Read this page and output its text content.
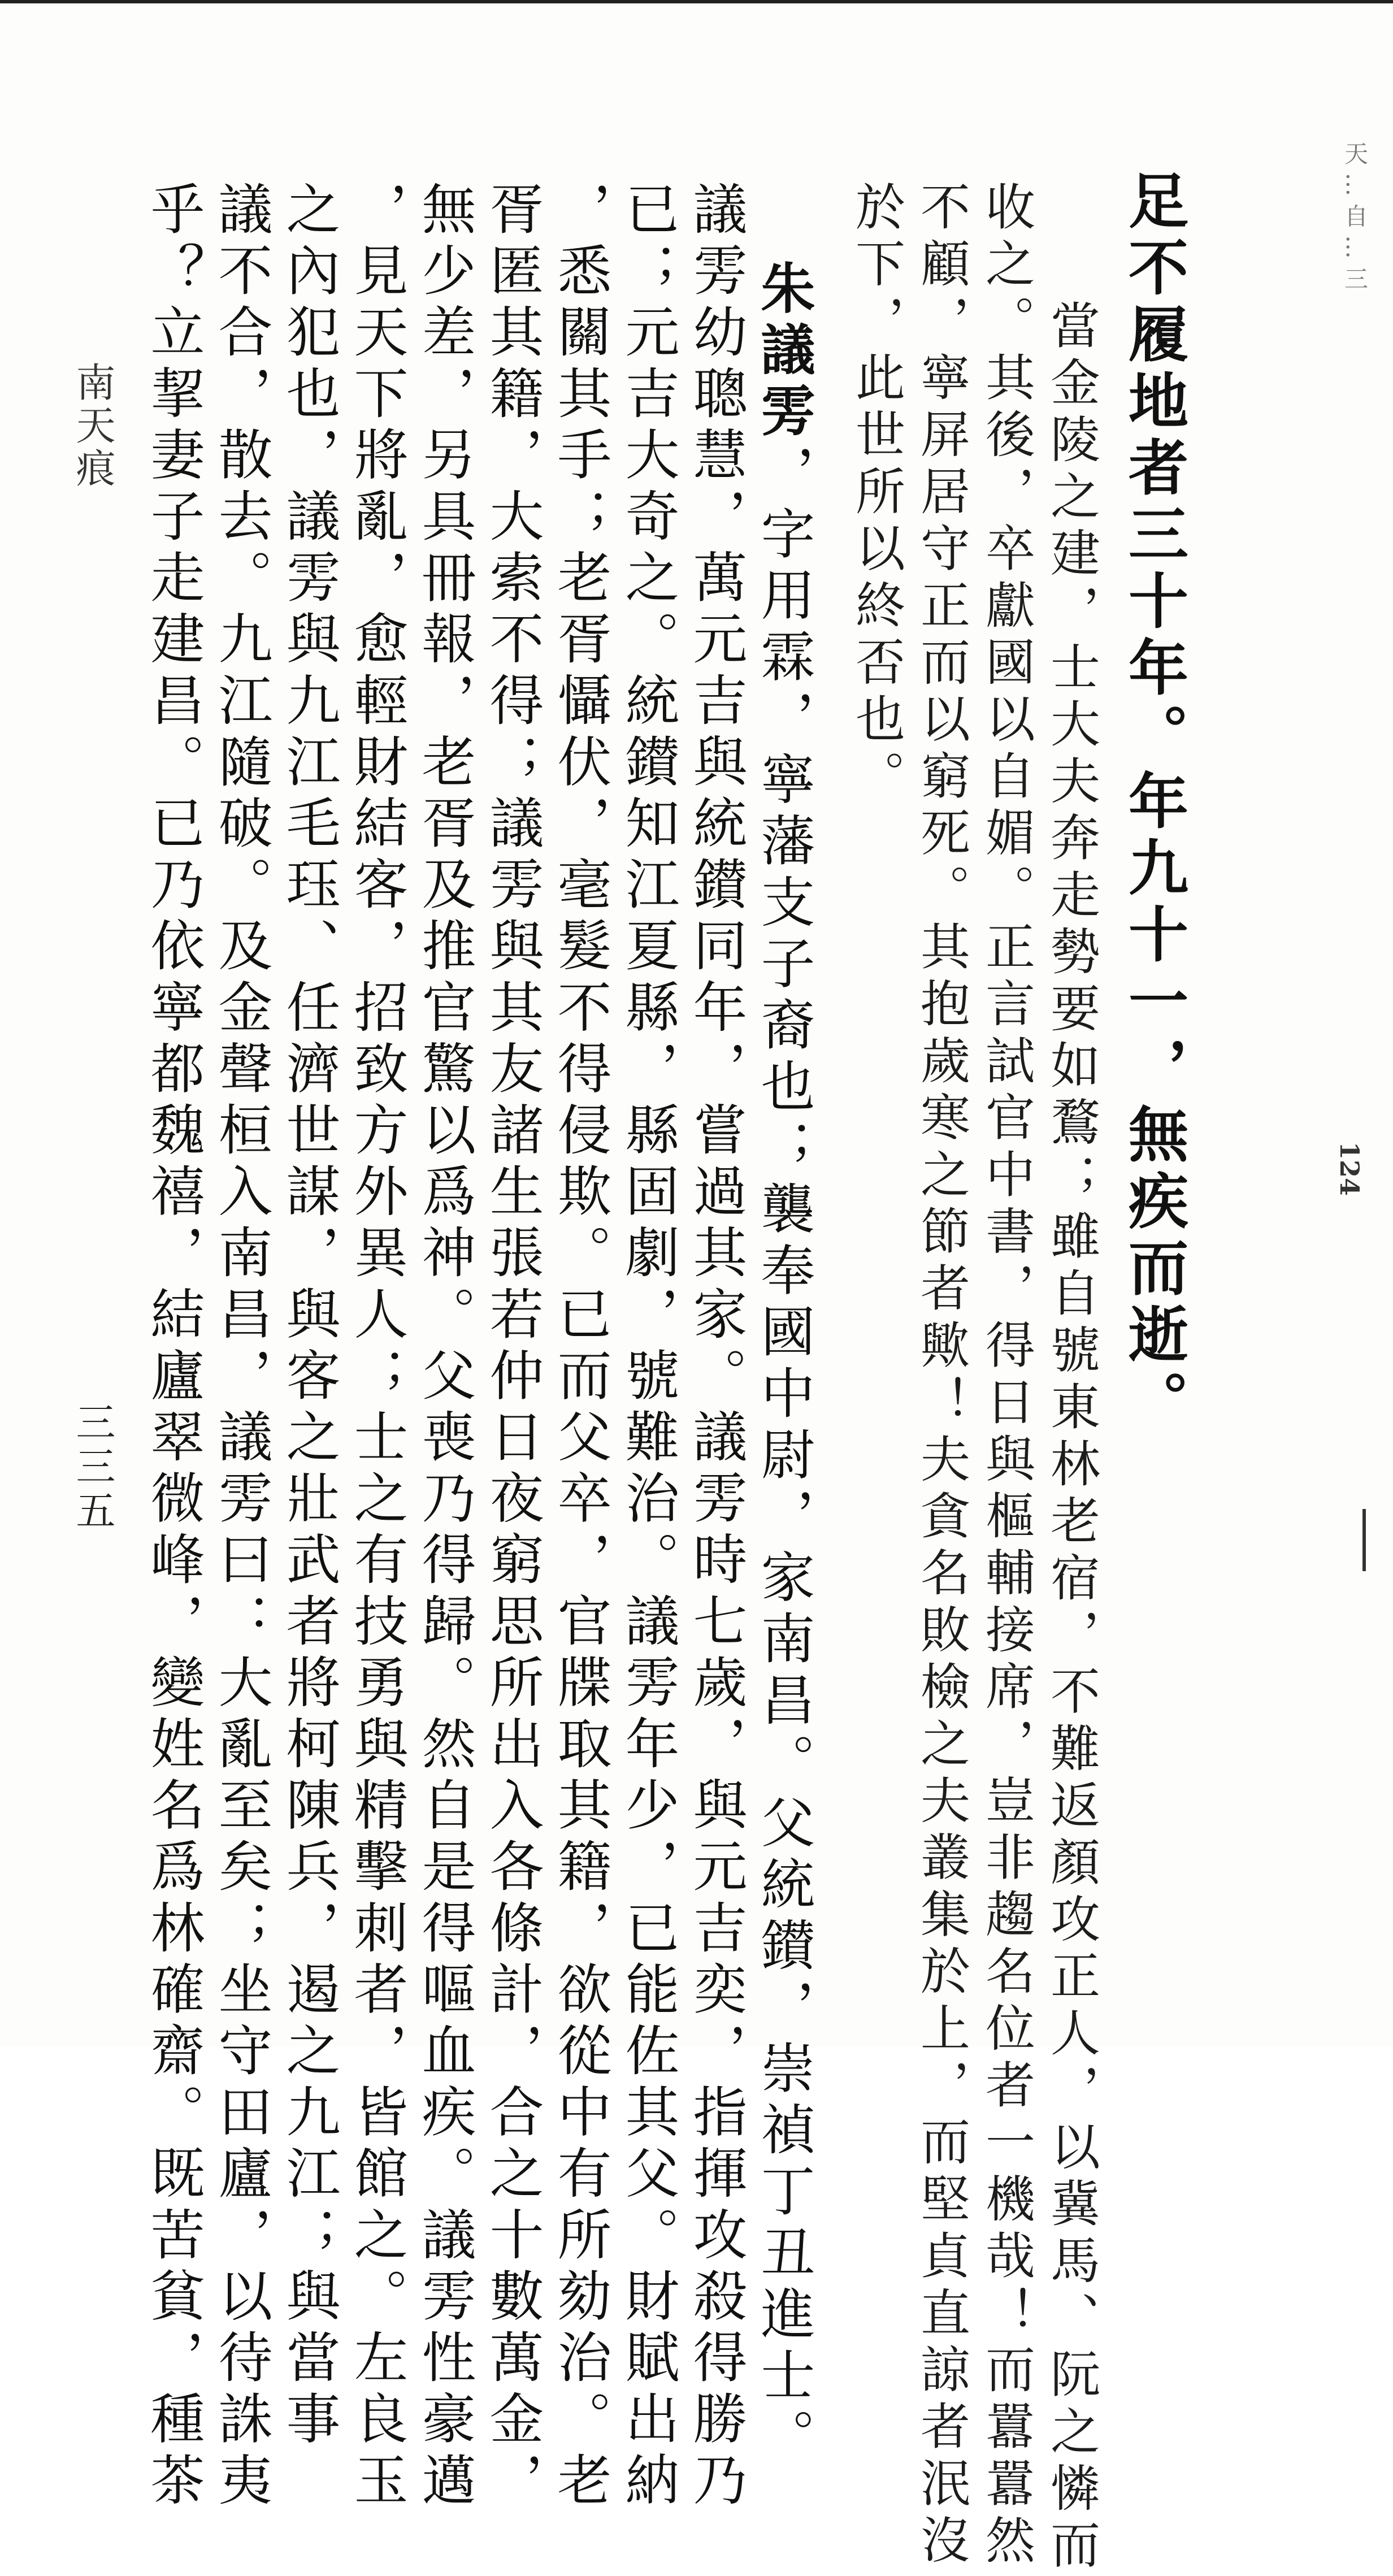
天 … 自 … 三
124
足不履地者三十年。年九十一，無疾而逝。
當金陵之建，士大夫奔走勢要如鶩；雖自號東林老宿，不難返顏攻正人，以冀馬、阮之憐而
收之。其後，卒獻國以自媚。正言試官中書，得日與樞輔接席，豈非趨名位者一機哉！而囂囂然
不顧，寧屏居守正而以窮死。其抱歲寒之節者歟！夫貪名敗檢之夫叢集於上，而堅貞直諒者泯沒
於下，此世所以終否也。
朱議雱，字用霖，寧藩支子裔也；襲奉國中尉，家南昌。父統鑚，崇禎丁丑進士。
議雱幼聰慧，萬元吉與統鑚同年，嘗過其家。議雱時七歲，與元吉奕，指揮攻殺得勝乃
已；元吉大奇之。統鑚知江夏縣，縣固劇，號難治。議雱年少，已能佐其父。財賦出納
，悉關其手；老胥懾伏，毫髮不得侵欺。已而父卒，官牒取其籍，欲從中有所劾治。老
胥匿其籍，大索不得；議雱與其友諸生張若仲日夜窮思所出入各條計，合之十數萬金，
無少差，另具冊報，老胥及推官驚以爲神。父喪乃得歸。然自是得嘔血疾。議雱性豪邁
，見天下將亂，愈輕財結客，招致方外異人；士之有技勇與精擊刺者，皆館之。左良玉
之內犯也，議雱與九江毛珏、任濟世謀，與客之壯武者將柯陳兵，遏之九江；與當事
議不合，散去。九江隨破。及金聲桓入南昌，議雱曰：大亂至矣；坐守田廬，以待誅夷
乎？立挈妻子走建昌。已乃依寧都魏禧，結廬翠微峰，變姓名爲林確齋。既苦貧，種茶
南天痕
三三五
